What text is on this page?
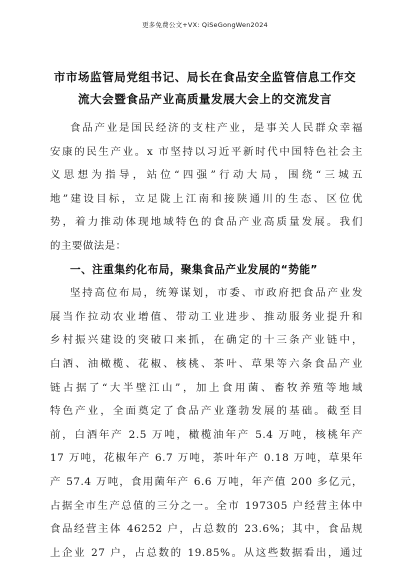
更多免费公文+VX: QiSeGongWen2024
市市场监管局党组书记、局长在食品安全监管信息工作交
流大会暨食品产业高质量发展大会上的交流发言
食品产业是国民经济的支柱产业，是事关人民群众幸福
安康的民生产业。x 市坚持以习近平新时代中国特色社会主
义思想为指导，站位“四强”行动大局，围绕“三城五
地”建设目标，立足陇上江南和接陕通川的生态、区位优
势，着力推动体现地域特色的食品产业高质量发展。我们
的主要做法是：
一、注重集约化布局，聚集食品产业发展的“势能”
坚持高位布局，统筹谋划，市委、市政府把食品产业发
展当作拉动农业增值、带动工业进步、推动服务业提升和
乡村振兴建设的突破口来抓，在确定的十三条产业链中，
白酒、油橄榄、花椒、核桃、茶叶、草果等六条食品产业
链占据了“大半壁江山”，加上食用菌、畜牧养殖等地域
特色产业，全面奠定了食品产业蓬勃发展的基础。截至目
前，白酒年产 2.5 万吨，橄榄油年产 5.4 万吨，核桃年产
17 万吨，花椒年产 6.7 万吨，茶叶年产 0.18 万吨，草果年
产 57.4 万吨，食用菌年产 6.6 万吨，年产值 200 多亿元，
占据全市生产总值的三分之一。全市 197305 户经营主体中
食品经营主体 46252 户，占总数的 23.6%；其中，食品规
上企业 27 户，占总数的 19.85%。从这些数据看出，通过
